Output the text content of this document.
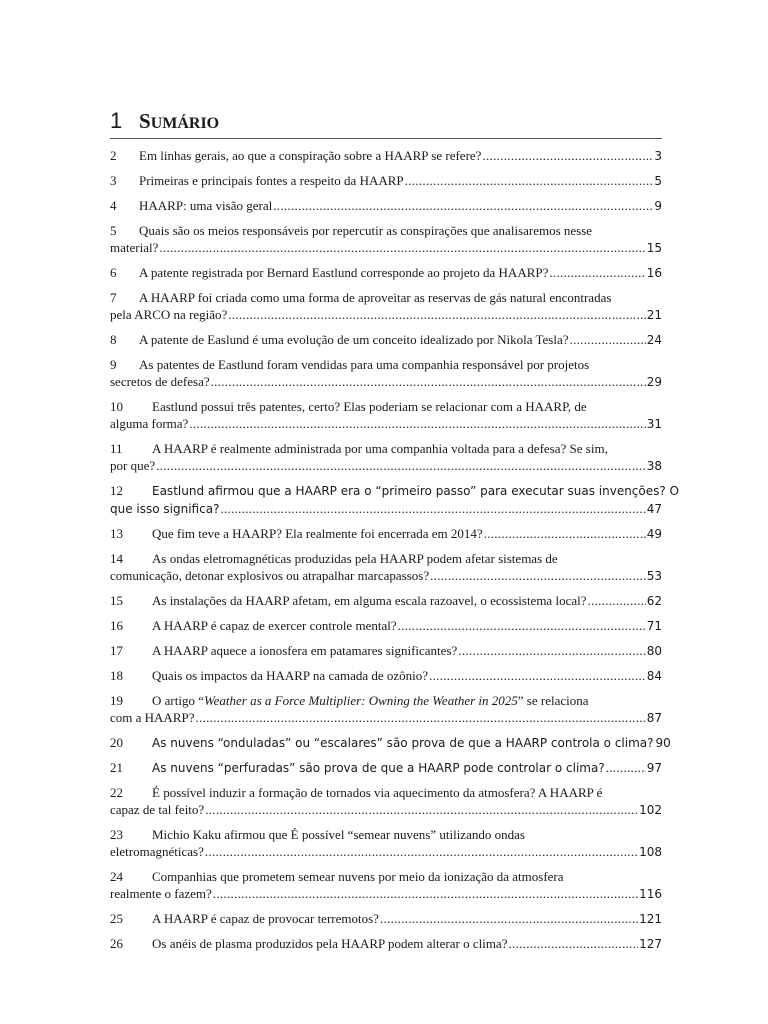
1 SUMÁRIO
2 Em linhas gerais, ao que a conspiração sobre a HAARP se refere? .....	3
3 Primeiras e principais fontes a respeito da HAARP .....	5
4 HAARP: uma visão geral .....	9
5 Quais são os meios responsáveis por repercutir as conspirações que analisaremos nesse
material? .....	15
6 A patente registrada por Bernard Eastlund corresponde ao projeto da HAARP? .....	16
7 A HAARP foi criada como uma forma de aproveitar as reservas de gás natural encontradas
pela ARCO na região? .....	21
8 A patente de Easlund é uma evolução de um conceito idealizado por Nikola Tesla? .....	24
9 As patentes de Eastlund foram vendidas para uma companhia responsável por projetos
secretos de defesa? .....	29
10 Eastlund possui três patentes, certo? Elas poderiam se relacionar com a HAARP, de
alguma forma? .....	31
11 A HAARP é realmente administrada por uma companhia voltada para a defesa? Se sim,
por que? .....	38
12 Eastlund afirmou que a HAARP era o “primeiro passo” para executar suas invenções? O
que isso significa? .....	47
13 Que fim teve a HAARP? Ela realmente foi encerrada em 2014? .....	49
14 As ondas eletromagnéticas produzidas pela HAARP podem afetar sistemas de
comunicação, detonar explosivos ou atrapalhar marcapassos? .....	53
15 As instalações da HAARP afetam, em alguma escala razoavel, o ecossistema local? .....	62
16 A HAARP é capaz de exercer controle mental? .....	71
17 A HAARP aquece a ionosfera em patamares significantes? .....	80
18 Quais os impactos da HAARP na camada de ozônio? .....	84
19 O artigo “Weather as a Force Multiplier: Owning the Weather in 2025” se relaciona
com a HAARP? .....	87
20 As nuvens “onduladas” ou “escalares” são prova de que a HAARP controla o clima? 90
21 As nuvens “perfuradas” são prova de que a HAARP pode controlar o clima? .....	97
22 É possível induzir a formação de tornados via aquecimento da atmosfera? A HAARP é
capaz de tal feito? .....	102
23 Michio Kaku afirmou que É possível “semear nuvens” utilizando ondas
eletromagnéticas? .....	108
24 Companhias que prometem semear nuvens por meio da ionização da atmosfera
realmente o fazem? .....	116
25 A HAARP é capaz de provocar terremotos? .....	121
26 Os anéis de plasma produzidos pela HAARP podem alterar o clima? .....	127
